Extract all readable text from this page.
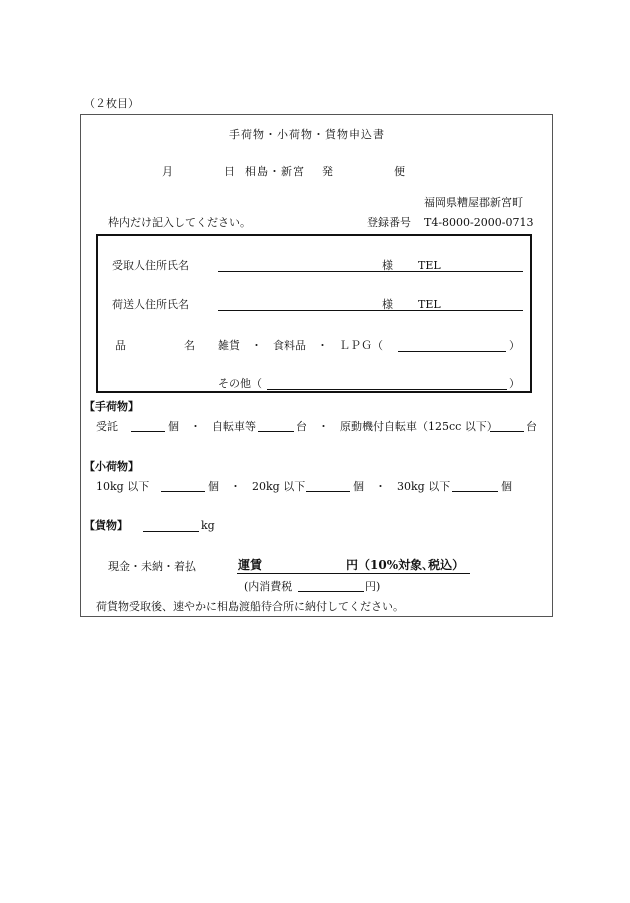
（２枚目）
手荷物・小荷物・貨物申込書
月	日 相島・新宮 発	便
福岡県糟屋郡新宮町
枠内だけ記入してください。	登録番号 T4-8000-2000-0713
受取人住所氏名	様 TEL
荷送人住所氏名	様 TEL
品	名 雑貨　・　食料品　・　ＬＰＧ（	）
その他（	）
【手荷物】
受託	個　・　自転車等	台　・　原動機付自転車（125cc 以下）	台
【小荷物】
10kg 以下	個　・　20kg 以下	個　・　30kg 以下	個
【貨物】	kg
現金・未納・着払	運賃	円（10%対象､税込）
(内消費税	円)
荷貨物受取後、速やかに相島渡船待合所に納付してください。
